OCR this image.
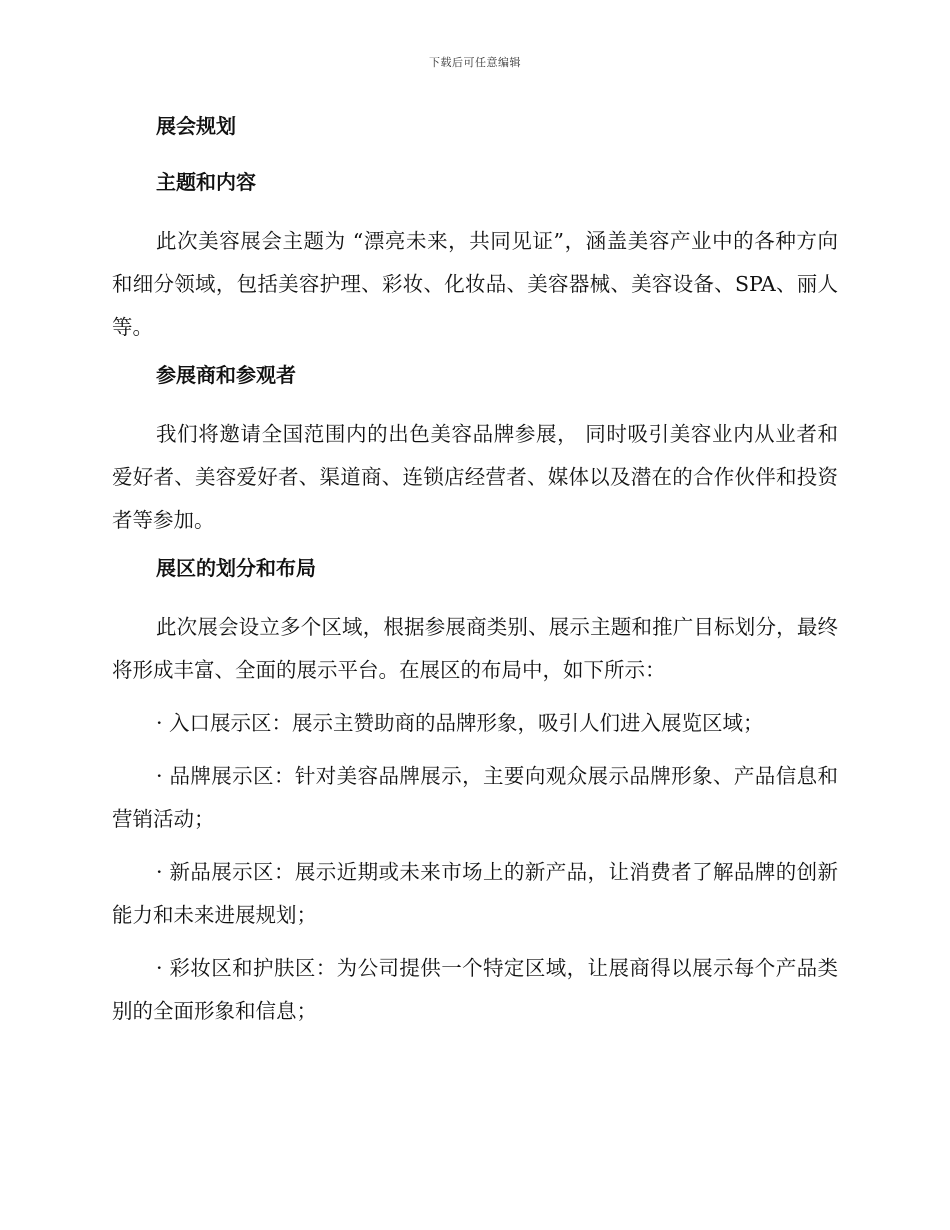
下载后可任意编辑
展会规划
主题和内容

此次美容展会主题为 “漂亮未来，共同见证”，涵盖美容产业中的各种方向和细分领域，包括美容护理、彩妆、化妆品、美容器械、美容设备、SPA、丽人等。

参展商和参观者

我们将邀请全国范围内的出色美容品牌参展， 同时吸引美容业内从业者和爱好者、美容爱好者、渠道商、连锁店经营者、媒体以及潜在的合作伙伴和投资者等参加。

展区的划分和布局

此次展会设立多个区域，根据参展商类别、展示主题和推广目标划分，最终将形成丰富、全面的展示平台。在展区的布局中，如下所示：

· 入口展示区：展示主赞助商的品牌形象，吸引人们进入展览区域；

· 品牌展示区：针对美容品牌展示，主要向观众展示品牌形象、产品信息和营销活动；

· 新品展示区：展示近期或未来市场上的新产品，让消费者了解品牌的创新能力和未来进展规划；

· 彩妆区和护肤区：为公司提供一个特定区域，让展商得以展示每个产品类别的全面形象和信息；
